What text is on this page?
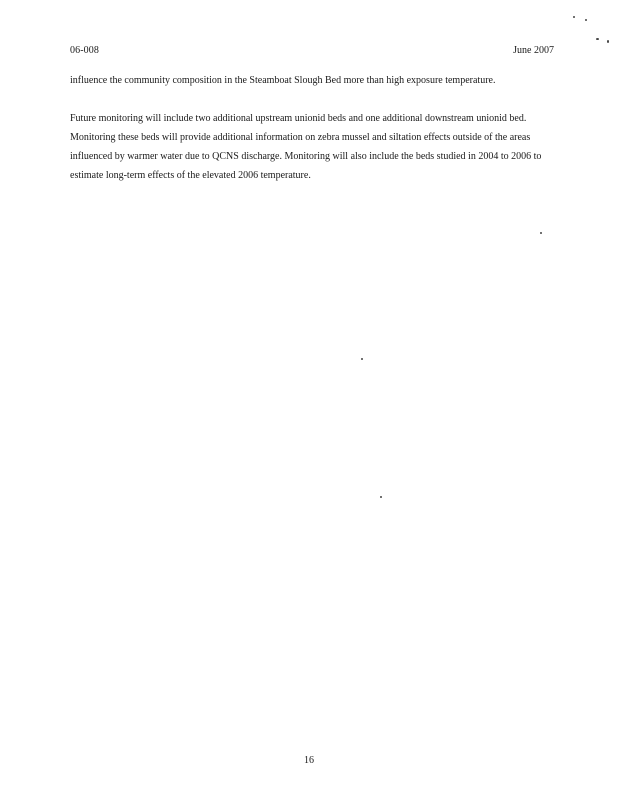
06-008	June 2007

influence the community composition in the Steamboat Slough Bed more than high exposure temperature.

Future monitoring will include two additional upstream unionid beds and one additional downstream unionid bed. Monitoring these beds will provide additional information on zebra mussel and siltation effects outside of the areas influenced by warmer water due to QCNS discharge. Monitoring will also include the beds studied in 2004 to 2006 to estimate long-term effects of the elevated 2006 temperature.

16
